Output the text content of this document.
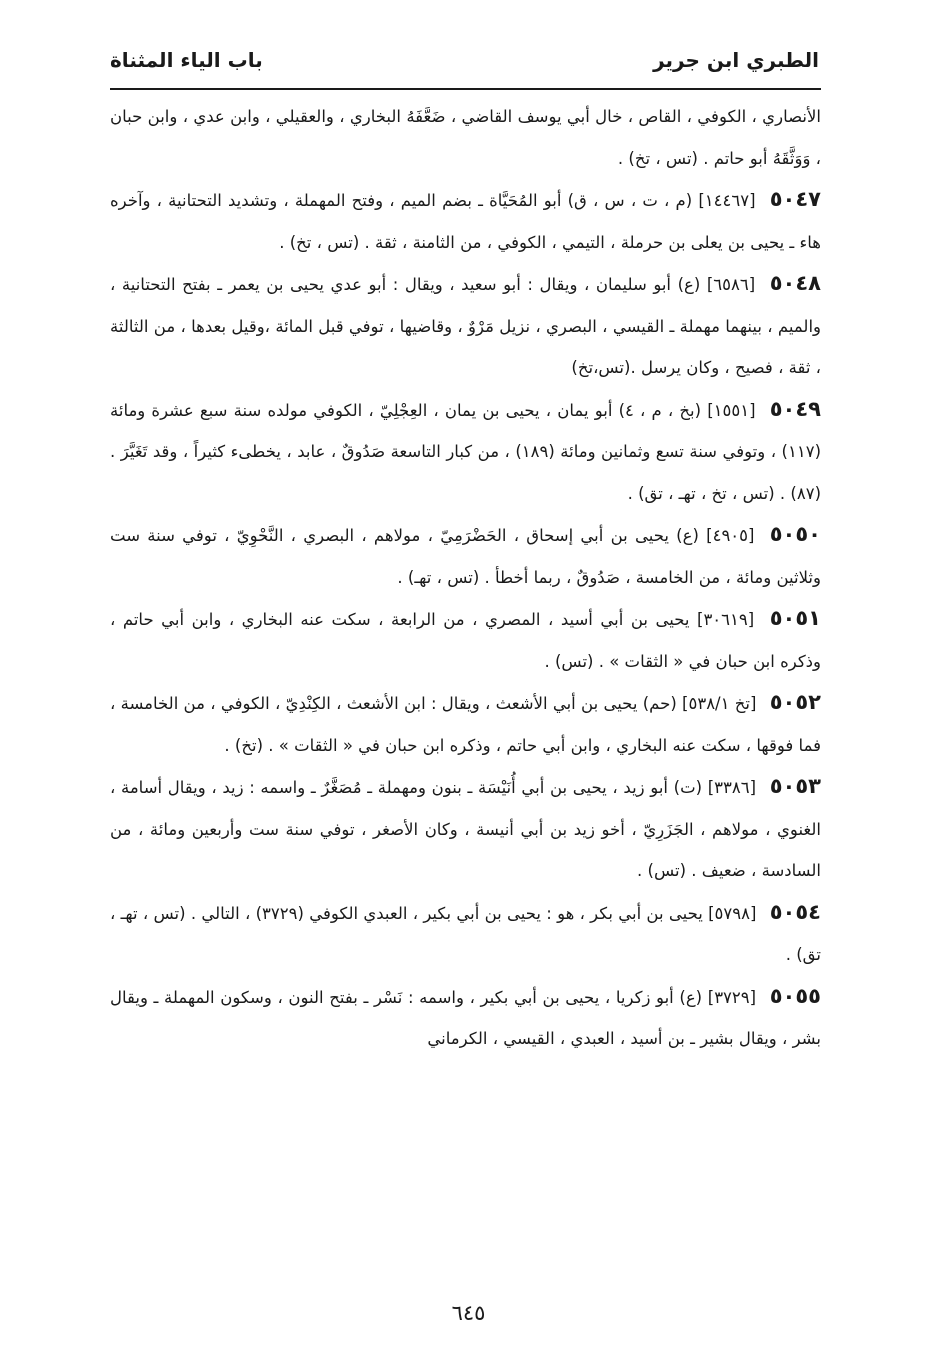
الطبري ابن جرير
باب الياء المثناة

الأنصاري ، الكوفي ، القاص ، خال أبي يوسف القاضي ، ضَعَّفَهُ البخاري ، والعقيلي ، وابن عدي ، وابن حبان ، وَوَثَّقَهُ أبو حاتم . (تس ، تخ) .

٥٠٤٧ [١٤٤٦٧] (م ، ت ، س ، ق) أبو المُحَيَّاة ـ بضم الميم ، وفتح المهملة ، وتشديد التحتانية ، وآخره هاء ـ يحيى بن يعلى بن حرملة ، التيمي ، الكوفي ، من الثامنة ، ثقة . (تس ، تخ) .

٥٠٤٨ [٦٥٨٦] (ع) أبو سليمان ، ويقال : أبو سعيد ، ويقال : أبو عدي يحيى بن يعمر ـ بفتح التحتانية ، والميم ، بينهما مهملة ـ القيسي ، البصري ، نزيل مَرْوٌ ، وقاضيها ، توفي قبل المائة ،وقيل بعدها ، من الثالثة ، ثقة ، فصيح ، وكان يرسل .(تس،تخ)

٥٠٤٩ [١٥٥١] (بخ ، م ، ٤) أبو يمان ، يحيى بن يمان ، العِجْلِيّ ، الكوفي مولده سنة سبع عشرة ومائة (١١٧) ، وتوفي سنة تسع وثمانين ومائة (١٨٩) ، من كبار التاسعة صَدُوقٌ ، عابد ، يخطىء كثيراً ، وقد تَغَيَّرَ . (٨٧) . (تس ، تخ ، تهـ ، تق) .

٥٠٥٠ [٤٩٠٥] (ع) يحيى بن أبي إسحاق ، الحَضْرَمِيّ ، مولاهم ، البصري ، النَّحْوِيّ ، توفي سنة ست وثلاثين ومائة ، من الخامسة ، صَدُوقٌ ، ربما أخطأ . (تس ، تهـ) .

٥٠٥١ [٣٠٦١٩] يحيى بن أبي أسيد ، المصري ، من الرابعة ، سكت عنه البخاري ، وابن أبي حاتم ، وذكره ابن حبان في « الثقات » . (تس) .

٥٠٥٢ [تخ ٥٣٨/١] (حم) يحيى بن أبي الأشعث ، ويقال : ابن الأشعث ، الكِنْدِيّ ، الكوفي ، من الخامسة ، فما فوقها ، سكت عنه البخاري ، وابن أبي حاتم ، وذكره ابن حبان في « الثقات » . (تخ) .

٥٠٥٣ [٣٣٨٦] (ت) أبو زيد ، يحيى بن أبي أُنَيْسَة ـ بنون ومهملة ـ مُصَغَّرٌ ـ واسمه : زيد ، ويقال أسامة ، الغنوي ، مولاهم ، الجَزَرِيّ ، أخو زيد بن أبي أنيسة ، وكان الأصغر ، توفي سنة ست وأربعين ومائة ، من السادسة ، ضعيف . (تس) .

٥٠٥٤ [٥٧٩٨] يحيى بن أبي بكر ، هو : يحيى بن أبي بكير ، العبدي الكوفي (٣٧٢٩) ، التالي . (تس ، تهـ ، تق) .

٥٠٥٥ [٣٧٢٩] (ع) أبو زكريا ، يحيى بن أبي بكير ، واسمه : نَسْر ـ بفتح النون ، وسكون المهملة ـ ويقال بشر ، ويقال بشير ـ بن أسيد ، العبدي ، القيسي ، الكرماني

٦٤٥
